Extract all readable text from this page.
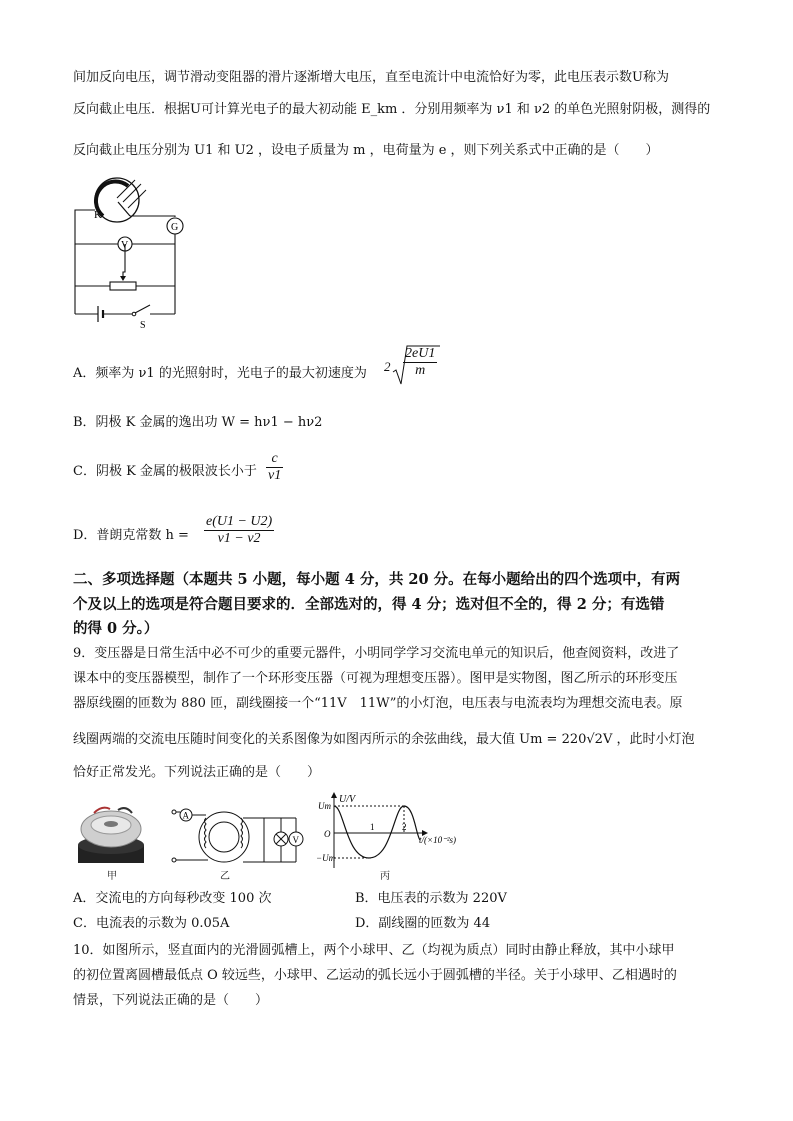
间加反向电压，调节滑动变阻器的滑片逐渐增大电压，直至电流计中电流恰好为零，此电压表示数U称为
反向截止电压．根据U可计算光电子的最大初动能 E_km ．分别用频率为 ν1 和 ν2 的单色光照射阴极，测得的
反向截止电压分别为 U1 和 U2 ，设电子质量为 m ，电荷量为 e ，则下列关系式中正确的是（　　）
K
G
V
S
A．频率为 ν1 的光照射时，光电子的最大初速度为 $2 \frac{2eU1}{m}$
B．阴极 K 金属的逸出功 W = hν1 − hν2
C．阴极 K 金属的极限波长小于 $\frac{c}{\nu 1}$
D．普朗克常数 $h = \frac{e(U1 - U2)}{\nu 1 - \nu 2}$
二、多项选择题（本题共 5 小题，每小题 4 分，共 20 分。在每小题给出的四个选项中，有两
个及以上的选项是符合题目要求的．全部选对的，得 4 分；选对但不全的，得 2 分；有选错
的得 0 分。）
9．变压器是日常生活中必不可少的重要元器件，小明同学学习交流电单元的知识后，他查阅资料，改进了
课本中的变压器模型，制作了一个环形变压器（可视为理想变压器）。图甲是实物图，图乙所示的环形变压
器原线圈的匝数为 880 匝，副线圈接一个“11V　11W”的小灯泡，电压表与电流表均为理想交流电表。原
线圈两端的交流电压随时间变化的关系图像为如图丙所示的余弦曲线，最大值 Um = 220√2V ，此时小灯泡
恰好正常发光。下列说法正确的是（　　）
甲
A
V
乙
U/V
Um
O
−Um
1	2
t/(×10⁻²s)
丙
A．交流电的方向每秒改变 100 次	B．电压表的示数为 220V
C．电流表的示数为 0.05A	D．副线圈的匝数为 44
10．如图所示，竖直面内的光滑圆弧槽上，两个小球甲、乙（均视为质点）同时由静止释放，其中小球甲
的初位置离圆槽最低点 O 较远些，小球甲、乙运动的弧长远小于圆弧槽的半径。关于小球甲、乙相遇时的
情景，下列说法正确的是（　　）
